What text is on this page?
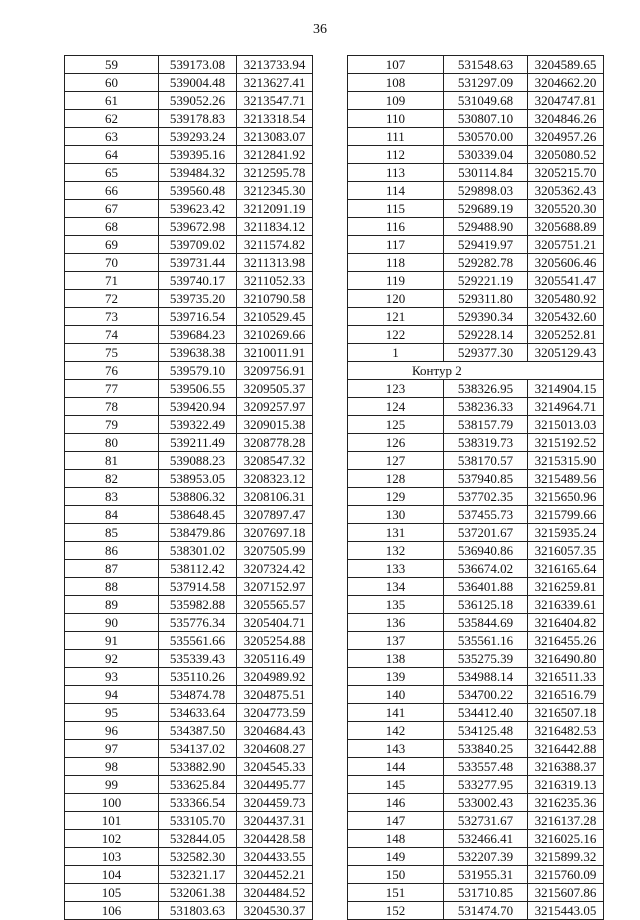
36
59	539173.08	3213733.94
60	539004.48	3213627.41
61	539052.26	3213547.71
62	539178.83	3213318.54
63	539293.24	3213083.07
64	539395.16	3212841.92
65	539484.32	3212595.78
66	539560.48	3212345.30
67	539623.42	3212091.19
68	539672.98	3211834.12
69	539709.02	3211574.82
70	539731.44	3211313.98
71	539740.17	3211052.33
72	539735.20	3210790.58
73	539716.54	3210529.45
74	539684.23	3210269.66
75	539638.38	3210011.91
76	539579.10	3209756.91
77	539506.55	3209505.37
78	539420.94	3209257.97
79	539322.49	3209015.38
80	539211.49	3208778.28
81	539088.23	3208547.32
82	538953.05	3208323.12
83	538806.32	3208106.31
84	538648.45	3207897.47
85	538479.86	3207697.18
86	538301.02	3207505.99
87	538112.42	3207324.42
88	537914.58	3207152.97
89	535982.88	3205565.57
90	535776.34	3205404.71
91	535561.66	3205254.88
92	535339.43	3205116.49
93	535110.26	3204989.92
94	534874.78	3204875.51
95	534633.64	3204773.59
96	534387.50	3204684.43
97	534137.02	3204608.27
98	533882.90	3204545.33
99	533625.84	3204495.77
100	533366.54	3204459.73
101	533105.70	3204437.31
102	532844.05	3204428.58
103	532582.30	3204433.55
104	532321.17	3204452.21
105	532061.38	3204484.52
106	531803.63	3204530.37
107	531548.63	3204589.65
108	531297.09	3204662.20
109	531049.68	3204747.81
110	530807.10	3204846.26
111	530570.00	3204957.26
112	530339.04	3205080.52
113	530114.84	3205215.70
114	529898.03	3205362.43
115	529689.19	3205520.30
116	529488.90	3205688.89
117	529419.97	3205751.21
118	529282.78	3205606.46
119	529221.19	3205541.47
120	529311.80	3205480.92
121	529390.34	3205432.60
122	529228.14	3205252.81
1	529377.30	3205129.43
Контур 2		
123	538326.95	3214904.15
124	538236.33	3214964.71
125	538157.79	3215013.03
126	538319.73	3215192.52
127	538170.57	3215315.90
128	537940.85	3215489.56
129	537702.35	3215650.96
130	537455.73	3215799.66
131	537201.67	3215935.24
132	536940.86	3216057.35
133	536674.02	3216165.64
134	536401.88	3216259.81
135	536125.18	3216339.61
136	535844.69	3216404.82
137	535561.16	3216455.26
138	535275.39	3216490.80
139	534988.14	3216511.33
140	534700.22	3216516.79
141	534412.40	3216507.18
142	534125.48	3216482.53
143	533840.25	3216442.88
144	533557.48	3216388.37
145	533277.95	3216319.13
146	533002.43	3216235.36
147	532731.67	3216137.28
148	532466.41	3216025.16
149	532207.39	3215899.32
150	531955.31	3215760.09
151	531710.85	3215607.86
152	531474.70	3215443.05
